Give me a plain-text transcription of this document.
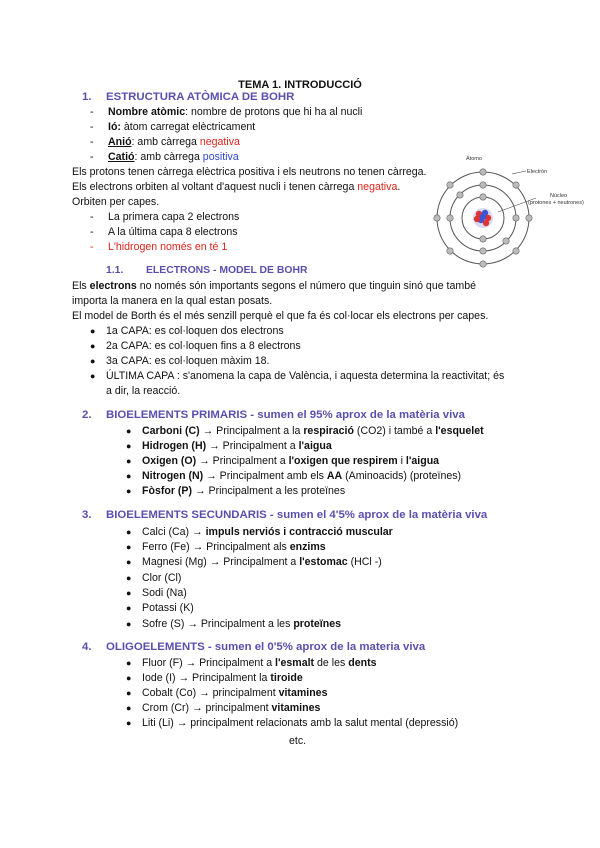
TEMA 1. INTRODUCCIÓ
1. ESTRUCTURA ATÒMICA DE BOHR
- Nombre atòmic: nombre de protons que hi ha al nucli
- Ió: àtom carregat elèctricament
- Anió: amb càrrega negativa
- Catió: amb càrrega positiva
Els protons tenen càrrega elèctrica positiva i els neutrons no tenen càrrega.
Els electrons orbiten al voltant d'aquest nucli i tenen càrrega negativa.
Orbiten per capes.
- La primera capa 2 electrons
- A la última capa 8 electrons
- L'hidrogen només en té 1
Átomo
Electrón
Núcleo
(protones + neutrones)
1.1. ELECTRONS - MODEL DE BOHR
Els electrons no només són importants segons el número que tinguin sinó que també
importa la manera en la qual estan posats.
El model de Borth és el més senzill perquè el que fa és col·locar els electrons per capes.
● 1a CAPA: es col·loquen dos electrons
● 2a CAPA: es col·loquen fins a 8 electrons
● 3a CAPA: es col·loquen màxim 18.
● ÚLTIMA CAPA : s'anomena la capa de València, i aquesta determina la reactivitat; és
a dir, la reacció.
2. BIOELEMENTS PRIMARIS - sumen el 95% aprox de la matèria viva
● Carboni (C) → Principalment a la respiració (CO2) i també a l'esquelet
● Hidrogen (H) → Principalment a l'aigua
● Oxigen (O) → Principalment a l'oxigen que respirem i l'aigua
● Nitrogen (N) → Principalment amb els AA (Aminoacids) (proteïnes)
● Fòsfor (P) → Principalment a les proteïnes
3. BIOELEMENTS SECUNDARIS - sumen el 4'5% aprox de la matèria viva
● Calci (Ca) → impuls nerviós i contracció muscular
● Ferro (Fe) → Principalment als enzims
● Magnesi (Mg) → Principalment a l'estomac (HCl -)
● Clor (Cl)
● Sodi (Na)
● Potassi (K)
● Sofre (S) → Principalment a les proteïnes
4. OLIGOELEMENTS - sumen el 0'5% aprox de la materia viva
● Fluor (F) → Principalment a l'esmalt de les dents
● Iode (I) → Principalment la tiroide
● Cobalt (Co) → principalment vitamines
● Crom (Cr) → principalment vitamines
● Liti (Li) → principalment relacionats amb la salut mental (depressió)
etc.
